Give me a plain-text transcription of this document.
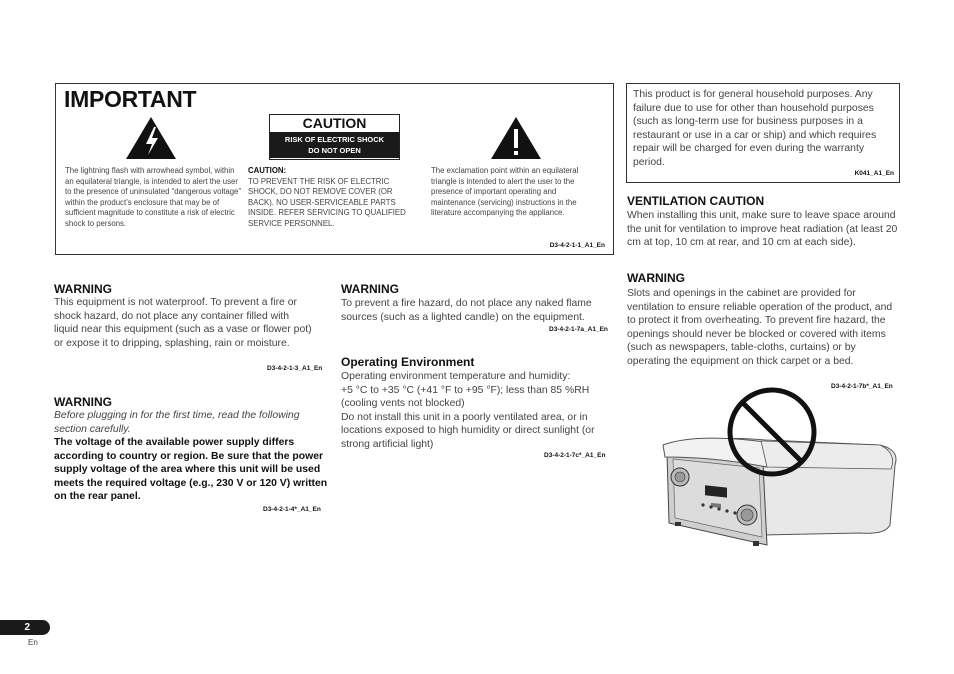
IMPORTANT
CAUTION
RISK OF ELECTRIC SHOCK
DO NOT OPEN
The lightning flash with arrowhead symbol, within an equilateral triangle, is intended to alert the user to the presence of uninsulated “dangerous voltage” within the product’s enclosure that may be of sufficient magnitude to constitute a risk of electric shock to persons.
CAUTION:
TO PREVENT THE RISK OF ELECTRIC SHOCK, DO NOT REMOVE COVER (OR BACK). NO USER-SERVICEABLE PARTS INSIDE. REFER SERVICING TO QUALIFIED SERVICE PERSONNEL.
The exclamation point within an equilateral triangle is intended to alert the user to the presence of important operating and maintenance (servicing) instructions in the literature accompanying the appliance.
D3-4-2-1-1_A1_En
WARNING
This equipment is not waterproof. To prevent a fire or shock hazard, do not place any container filled with liquid near this equipment (such as a vase or flower pot) or expose it to dripping, splashing, rain or moisture.
D3-4-2-1-3_A1_En
WARNING
Before plugging in for the first time, read the following section carefully.
The voltage of the available power supply differs according to country or region. Be sure that the power supply voltage of the area where this unit will be used meets the required voltage (e.g., 230 V or 120 V) written on the rear panel.
D3-4-2-1-4*_A1_En
WARNING
To prevent a fire hazard, do not place any naked flame sources (such as a lighted candle) on the equipment.
D3-4-2-1-7a_A1_En
Operating Environment
Operating environment temperature and humidity:
+5 °C to +35 °C (+41 °F to +95 °F); less than 85 %RH (cooling vents not blocked)
Do not install this unit in a poorly ventilated area, or in locations exposed to high humidity or direct sunlight (or strong artificial light)
D3-4-2-1-7c*_A1_En
This product is for general household purposes. Any failure due to use for other than household purposes (such as long-term use for business purposes in a restaurant or use in a car or ship) and which requires repair will be charged for even during the warranty period.
K041_A1_En
VENTILATION CAUTION
When installing this unit, make sure to leave space around the unit for ventilation to improve heat radiation (at least 20 cm at top, 10 cm at rear, and 10 cm at each side).
WARNING
Slots and openings in the cabinet are provided for ventilation to ensure reliable operation of the product, and to protect it from overheating. To prevent fire hazard, the openings should never be blocked or covered with items (such as newspapers, table-cloths, curtains) or by operating the equipment on thick carpet or a bed.
D3-4-2-1-7b*_A1_En
2
En
